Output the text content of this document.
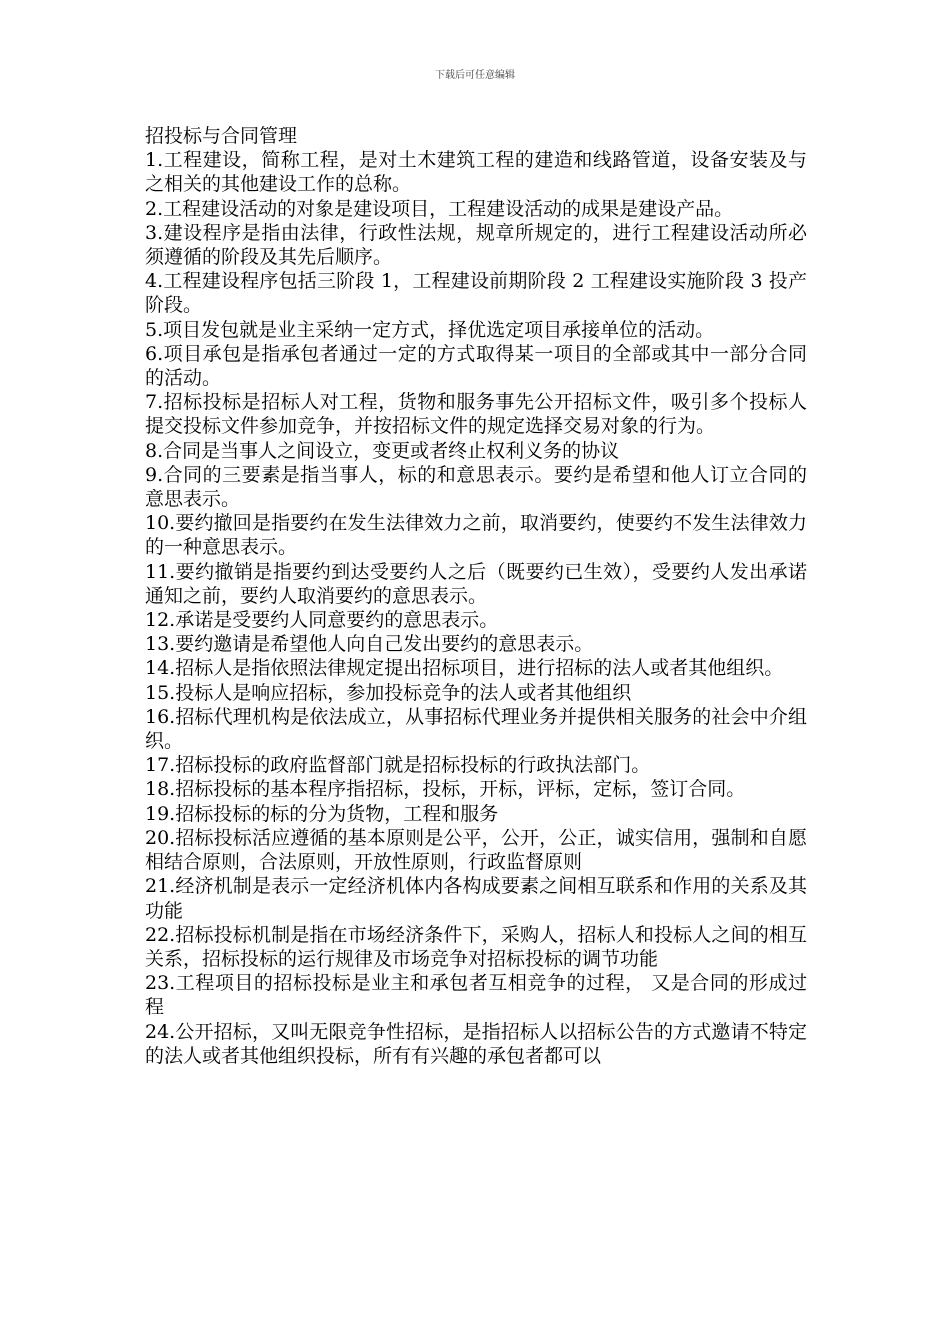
下载后可任意编辑
招投标与合同管理

1.工程建设，简称工程，是对土木建筑工程的建造和线路管道，设备安装及与之相关的其他建设工作的总称。

2.工程建设活动的对象是建设项目，工程建设活动的成果是建设产品。

3.建设程序是指由法律，行政性法规，规章所规定的，进行工程建设活动所必须遵循的阶段及其先后顺序。

4.工程建设程序包括三阶段 1，工程建设前期阶段 2 工程建设实施阶段 3 投产阶段。

5.项目发包就是业主采纳一定方式，择优选定项目承接单位的活动。

6.项目承包是指承包者通过一定的方式取得某一项目的全部或其中一部分合同的活动。

7.招标投标是招标人对工程，货物和服务事先公开招标文件，吸引多个投标人提交投标文件参加竞争，并按招标文件的规定选择交易对象的行为。

8.合同是当事人之间设立，变更或者终止权利义务的协议

9.合同的三要素是指当事人，标的和意思表示。要约是希望和他人订立合同的意思表示。

10.要约撤回是指要约在发生法律效力之前，取消要约，使要约不发生法律效力的一种意思表示。

11.要约撤销是指要约到达受要约人之后（既要约已生效），受要约人发出承诺通知之前，要约人取消要约的意思表示。

12.承诺是受要约人同意要约的意思表示。

13.要约邀请是希望他人向自己发出要约的意思表示。

14.招标人是指依照法律规定提出招标项目，进行招标的法人或者其他组织。

15.投标人是响应招标，参加投标竞争的法人或者其他组织

16.招标代理机构是依法成立，从事招标代理业务并提供相关服务的社会中介组织。

17.招标投标的政府监督部门就是招标投标的行政执法部门。

18.招标投标的基本程序指招标，投标，开标，评标，定标，签订合同。

19.招标投标的标的分为货物，工程和服务

20.招标投标活应遵循的基本原则是公平，公开，公正，诚实信用，强制和自愿相结合原则，合法原则，开放性原则，行政监督原则

21.经济机制是表示一定经济机体内各构成要素之间相互联系和作用的关系及其功能

22.招标投标机制是指在市场经济条件下，采购人，招标人和投标人之间的相互关系，招标投标的运行规律及市场竞争对招标投标的调节功能

23.工程项目的招标投标是业主和承包者互相竞争的过程， 又是合同的形成过程

24.公开招标，又叫无限竞争性招标，是指招标人以招标公告的方式邀请不特定的法人或者其他组织投标，所有有兴趣的承包者都可以
